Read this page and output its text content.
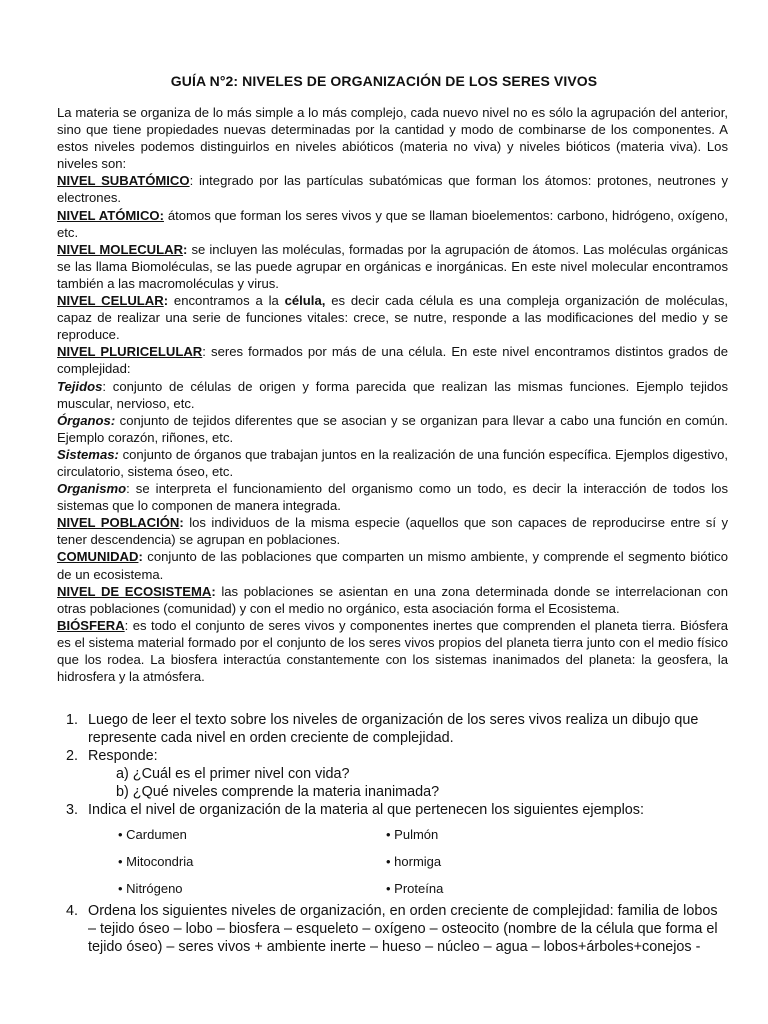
GUÍA N°2: NIVELES DE ORGANIZACIÓN DE LOS SERES VIVOS

La materia se organiza de lo más simple a lo más complejo, cada nuevo nivel no es sólo la agrupación del anterior, sino que tiene propiedades nuevas determinadas por la cantidad y modo de combinarse de los componentes. A estos niveles podemos distinguirlos en niveles abióticos (materia no viva) y niveles bióticos (materia viva). Los niveles son:

NIVEL SUBATÓMICO: integrado por las partículas subatómicas que forman los átomos: protones, neutrones y electrones.

NIVEL ATÓMICO: átomos que forman los seres vivos y que se llaman bioelementos: carbono, hidrógeno, oxígeno, etc.

NIVEL MOLECULAR: se incluyen las moléculas, formadas por la agrupación de átomos. Las moléculas orgánicas se las llama Biomoléculas, se las puede agrupar en orgánicas e inorgánicas. En este nivel molecular encontramos también a las macromoléculas y virus.

NIVEL CELULAR: encontramos a la célula, es decir cada célula es una compleja organización de moléculas, capaz de realizar una serie de funciones vitales: crece, se nutre, responde a las modificaciones del medio y se reproduce.

NIVEL PLURICELULAR: seres formados por más de una célula. En este nivel encontramos distintos grados de complejidad:

Tejidos: conjunto de células de origen y forma parecida que realizan las mismas funciones. Ejemplo tejidos muscular, nervioso, etc.

Órganos: conjunto de tejidos diferentes que se asocian y se organizan para llevar a cabo una función en común. Ejemplo corazón, riñones, etc.

Sistemas: conjunto de órganos que trabajan juntos en la realización de una función específica. Ejemplos digestivo, circulatorio, sistema óseo, etc.

Organismo: se interpreta el funcionamiento del organismo como un todo, es decir la interacción de todos los sistemas que lo componen de manera integrada.

NIVEL POBLACIÓN: los individuos de la misma especie (aquellos que son capaces de reproducirse entre sí y tener descendencia) se agrupan en poblaciones.

COMUNIDAD: conjunto de las poblaciones que comparten un mismo ambiente, y comprende el segmento biótico de un ecosistema.

NIVEL DE ECOSISTEMA: las poblaciones se asientan en una zona determinada donde se interrelacionan con otras poblaciones (comunidad) y con el medio no orgánico, esta asociación forma el Ecosistema.

BIÓSFERA: es todo el conjunto de seres vivos y componentes inertes que comprenden el planeta tierra. Biósfera es el sistema material formado por el conjunto de los seres vivos propios del planeta tierra junto con el medio físico que los rodea. La biosfera interactúa constantemente con los sistemas inanimados del planeta: la geosfera, la hidrosfera y la atmósfera.

1. Luego de leer el texto sobre los niveles de organización de los seres vivos realiza un dibujo que represente cada nivel en orden creciente de complejidad.
2. Responde:
a) ¿Cuál es el primer nivel con vida?
b) ¿Qué niveles comprende la materia inanimada?
3. Indica el nivel de organización de la materia al que pertenecen los siguientes ejemplos:
• Cardumen	• Pulmón
• Mitocondria	• hormiga
• Nitrógeno	• Proteína
4. Ordena los siguientes niveles de organización, en orden creciente de complejidad: familia de lobos – tejido óseo – lobo – biosfera – esqueleto – oxígeno – osteocito (nombre de la célula que forma el tejido óseo) – seres vivos + ambiente inerte – hueso – núcleo – agua – lobos+árboles+conejos -
